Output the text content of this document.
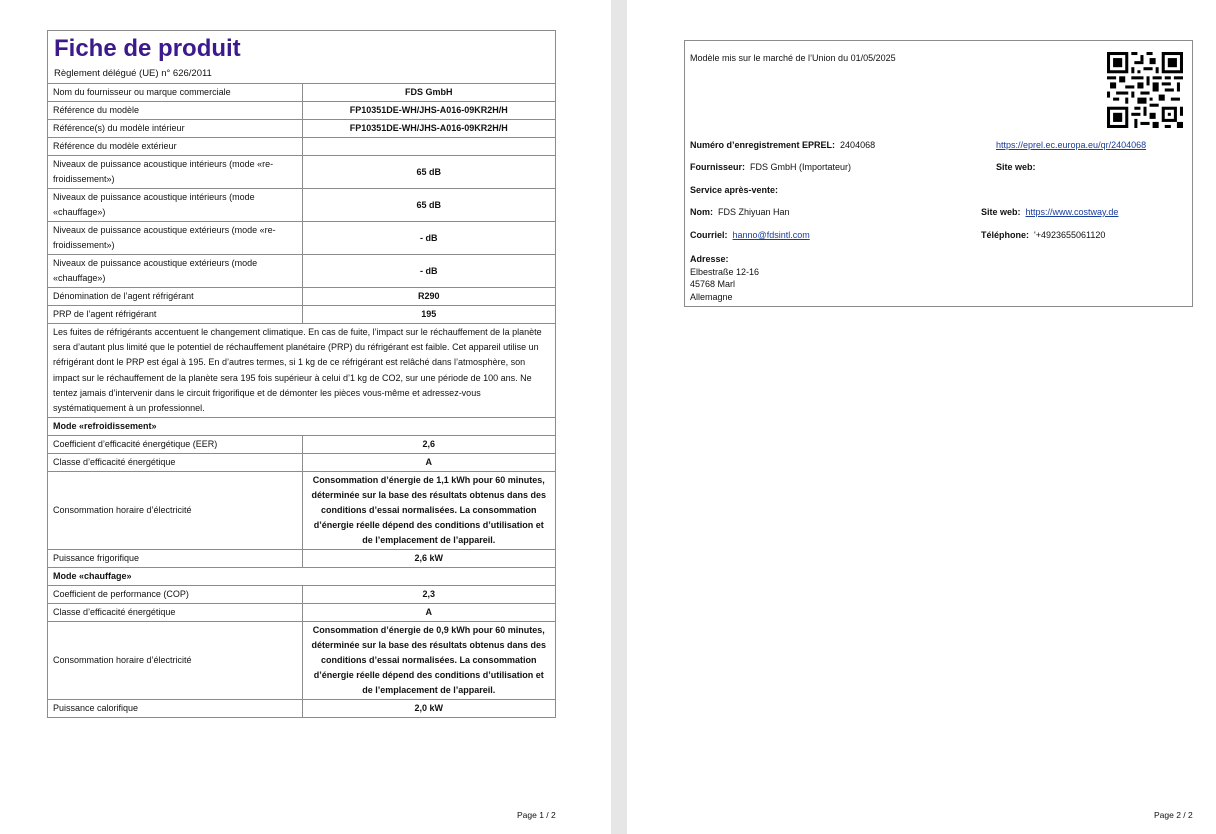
Fiche de produit
Règlement délégué (UE) n° 626/2011
Nom du fournisseur ou marque commerciale	FDS GmbH
Référence du modèle	FP10351DE-WH/JHS-A016-09KR2H/H
Référence(s) du modèle intérieur	FP10351DE-WH/JHS-A016-09KR2H/H
Référence du modèle extérieur	
Niveaux de puissance acoustique intérieurs (mode «re-froidissement»)	65 dB
Niveaux de puissance acoustique intérieurs (mode «chauffage»)	65 dB
Niveaux de puissance acoustique extérieurs (mode «re-froidissement»)	- dB
Niveaux de puissance acoustique extérieurs (mode «chauffage»)	- dB
Dénomination de l’agent réfrigérant	R290
PRP de l’agent réfrigérant	195
Les fuites de réfrigérants accentuent le changement climatique. En cas de fuite, l’impact sur le réchauffement de la planète sera d’autant plus limité que le potentiel de réchauffement planétaire (PRP) du réfrigérant est faible. Cet appareil utilise un réfrigérant dont le PRP est égal à 195. En d’autres termes, si 1 kg de ce réfrigérant est relâché dans l’atmosphère, son impact sur le réchauffement de la planète sera 195 fois supérieur à celui d’1 kg de CO2, sur une période de 100 ans. Ne tentez jamais d’intervenir dans le circuit frigorifique et de démonter les pièces vous-même et adressez-vous systématiquement à un professionnel.	
Mode «refroidissement»	
Coefficient d’efficacité énergétique (EER)	2,6
Classe d’efficacité énergétique	A
Consommation horaire d’électricité	Consommation d’énergie de 1,1 kWh pour 60 minutes, déterminée sur la base des résultats obtenus dans des conditions d’essai normalisées. La consommation d’énergie réelle dépend des conditions d’utilisation et de l’emplacement de l’appareil.
Puissance frigorifique	2,6 kW
Mode «chauffage»	
Coefficient de performance (COP)	2,3
Classe d’efficacité énergétique	A
Consommation horaire d’électricité	Consommation d’énergie de 0,9 kWh pour 60 minutes, déterminée sur la base des résultats obtenus dans des conditions d’essai normalisées. La consommation d’énergie réelle dépend des conditions d’utilisation et de l’emplacement de l’appareil.
Puissance calorifique	2,0 kW
Page 1 / 2
Modèle mis sur le marché de l’Union du 01/05/2025
Numéro d’enregistrement EPREL: 2404068	https://eprel.ec.europa.eu/qr/2404068
Fournisseur: FDS GmbH (Importateur)	Site web:
Service après-vente:
Nom: FDS Zhiyuan Han	Site web: https://www.costway.de
Courriel: hanno@fdsintl.com	Téléphone: '+4923655061120
Adresse:
Elbestraße 12-16
45768 Marl
Allemagne
Page 2 / 2
